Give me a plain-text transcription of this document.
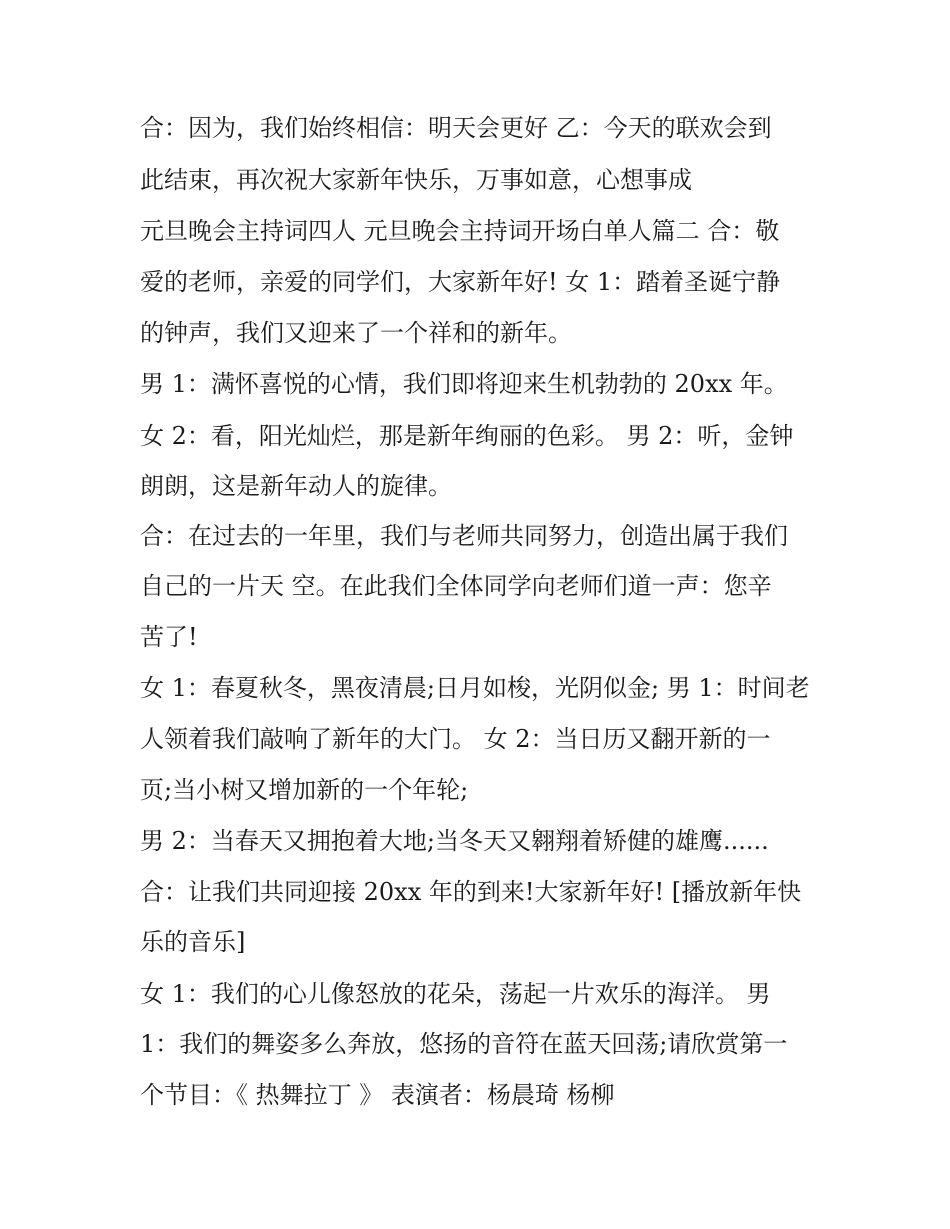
合：因为，我们始终相信：明天会更好 乙：今天的联欢会到
此结束，再次祝大家新年快乐，万事如意，心想事成
元旦晚会主持词四人 元旦晚会主持词开场白单人篇二 合：敬
爱的老师，亲爱的同学们，大家新年好! 女 1：踏着圣诞宁静
的钟声，我们又迎来了一个祥和的新年。
男 1：满怀喜悦的心情，我们即将迎来生机勃勃的 20xx 年。
女 2：看，阳光灿烂，那是新年绚丽的色彩。 男 2：听，金钟
朗朗，这是新年动人的旋律。
合：在过去的一年里，我们与老师共同努力，创造出属于我们
自己的一片天 空。在此我们全体同学向老师们道一声：您辛
苦了!
女 1：春夏秋冬，黑夜清晨;日月如梭，光阴似金; 男 1：时间老
人领着我们敲响了新年的大门。 女 2：当日历又翻开新的一
页;当小树又增加新的一个年轮;
男 2：当春天又拥抱着大地;当冬天又翱翔着矫健的雄鹰......
合：让我们共同迎接 20xx 年的到来!大家新年好! [播放新年快
乐的音乐]
女 1：我们的心儿像怒放的花朵，荡起一片欢乐的海洋。 男
1：我们的舞姿多么奔放，悠扬的音符在蓝天回荡;请欣赏第一
个节目：《 热舞拉丁 》 表演者：杨晨琦 杨柳
